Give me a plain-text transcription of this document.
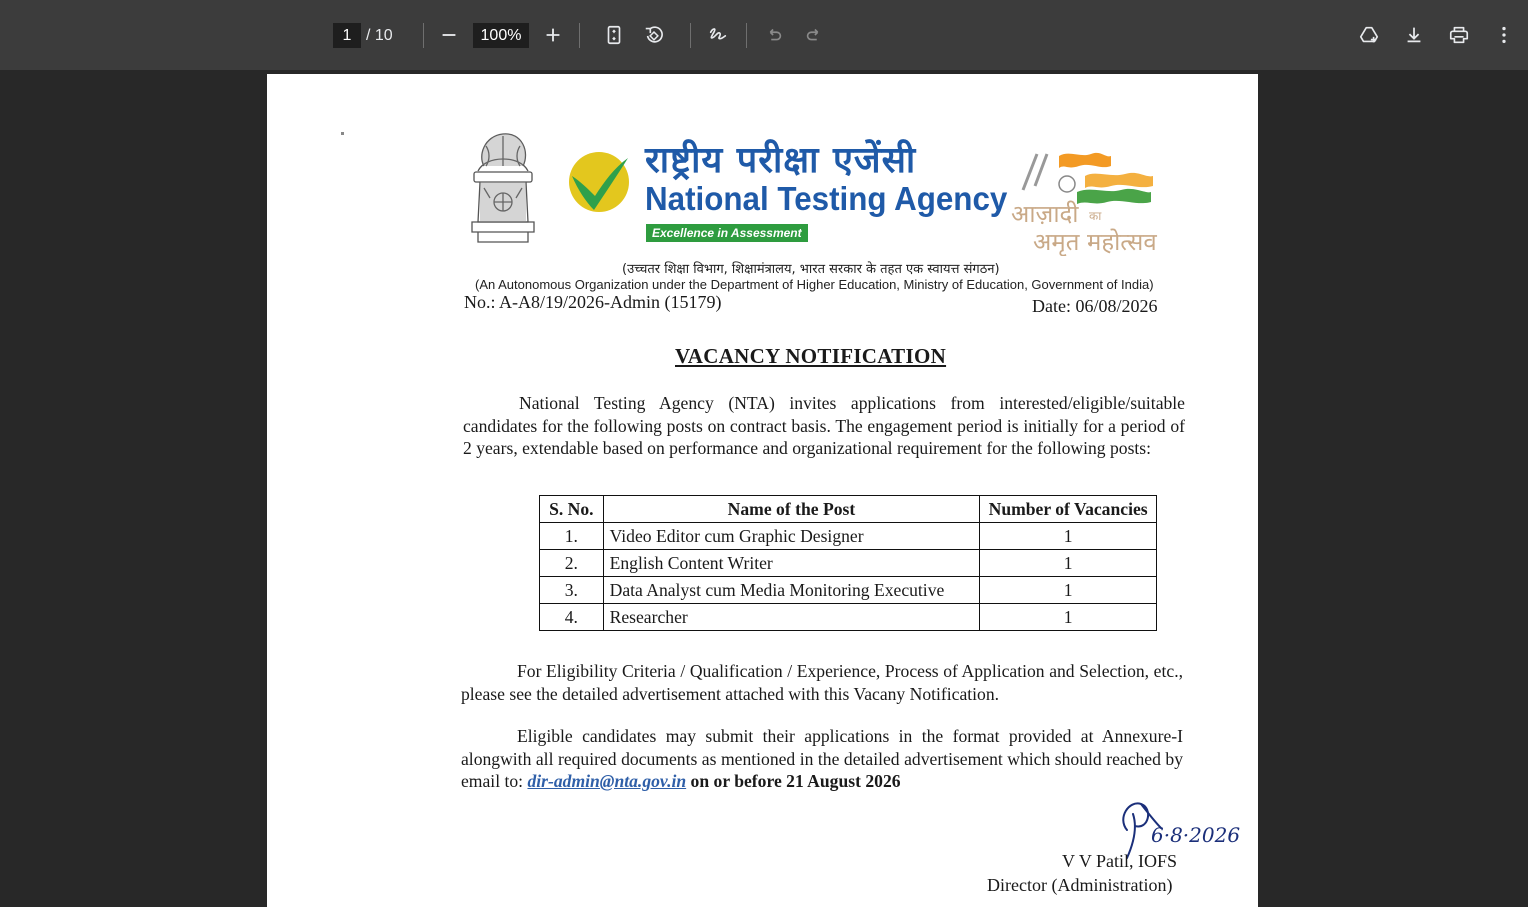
1 / 10	100%
राष्ट्रीय परीक्षा एजेंसी
National Testing Agency
Excellence in Assessment
आज़ादी का
अमृत महोत्सव
(उच्चतर शिक्षा विभाग, शिक्षामंत्रालय, भारत सरकार के तहत एक स्वायत्त संगठन)
(An Autonomous Organization under the Department of Higher Education, Ministry of Education, Government of India)
No.: A-A8/19/2026-Admin (15179)	Date: 06/08/2026
VACANCY NOTIFICATION
National Testing Agency (NTA) invites applications from interested/eligible/suitable candidates for the following posts on contract basis. The engagement period is initially for a period of 2 years, extendable based on performance and organizational requirement for the following posts:
S. No.	Name of the Post	Number of Vacancies
1.	Video Editor cum Graphic Designer	1
2.	English Content Writer	1
3.	Data Analyst cum Media Monitoring Executive	1
4.	Researcher	1
For Eligibility Criteria / Qualification / Experience, Process of Application and Selection, etc., please see the detailed advertisement attached with this Vacany Notification.
Eligible candidates may submit their applications in the format provided at Annexure-I alongwith all required documents as mentioned in the detailed advertisement which should reached by email to: dir-admin@nta.gov.in on or before 21 August 2026
6·8·2026
V V Patil, IOFS
Director (Administration)
